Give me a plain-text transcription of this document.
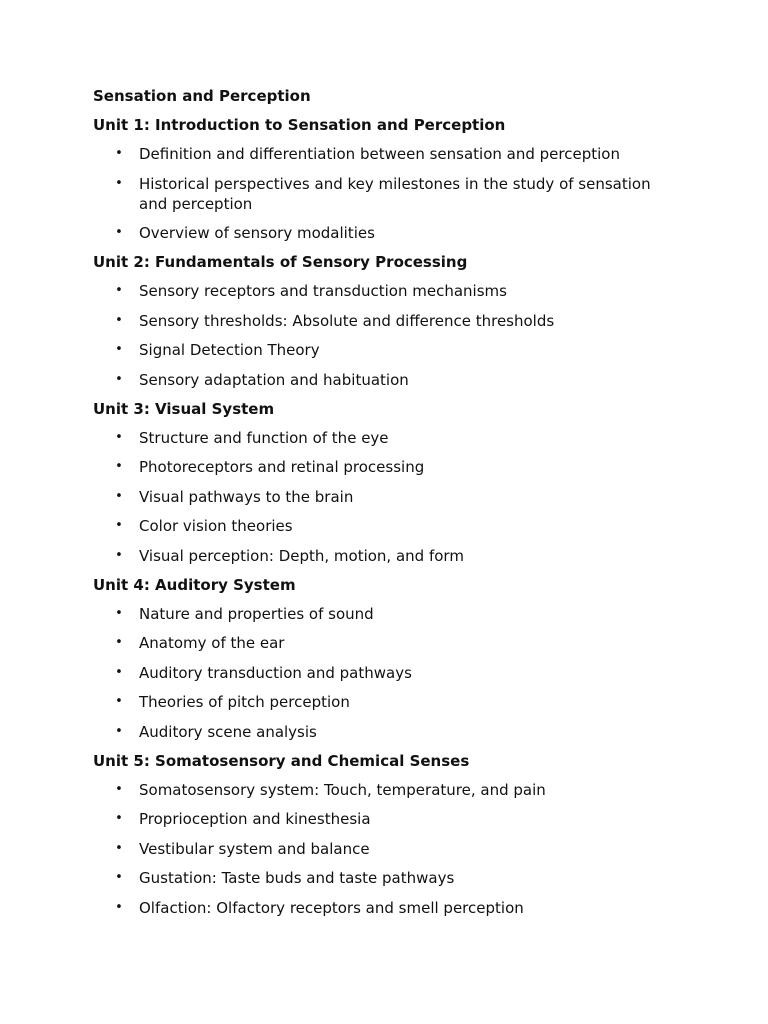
Sensation and Perception

Unit 1: Introduction to Sensation and Perception

• Definition and differentiation between sensation and perception
• Historical perspectives and key milestones in the study of sensation and perception
• Overview of sensory modalities

Unit 2: Fundamentals of Sensory Processing

• Sensory receptors and transduction mechanisms
• Sensory thresholds: Absolute and difference thresholds
• Signal Detection Theory
• Sensory adaptation and habituation

Unit 3: Visual System

• Structure and function of the eye
• Photoreceptors and retinal processing
• Visual pathways to the brain
• Color vision theories
• Visual perception: Depth, motion, and form

Unit 4: Auditory System

• Nature and properties of sound
• Anatomy of the ear
• Auditory transduction and pathways
• Theories of pitch perception
• Auditory scene analysis

Unit 5: Somatosensory and Chemical Senses

• Somatosensory system: Touch, temperature, and pain
• Proprioception and kinesthesia
• Vestibular system and balance
• Gustation: Taste buds and taste pathways
• Olfaction: Olfactory receptors and smell perception
